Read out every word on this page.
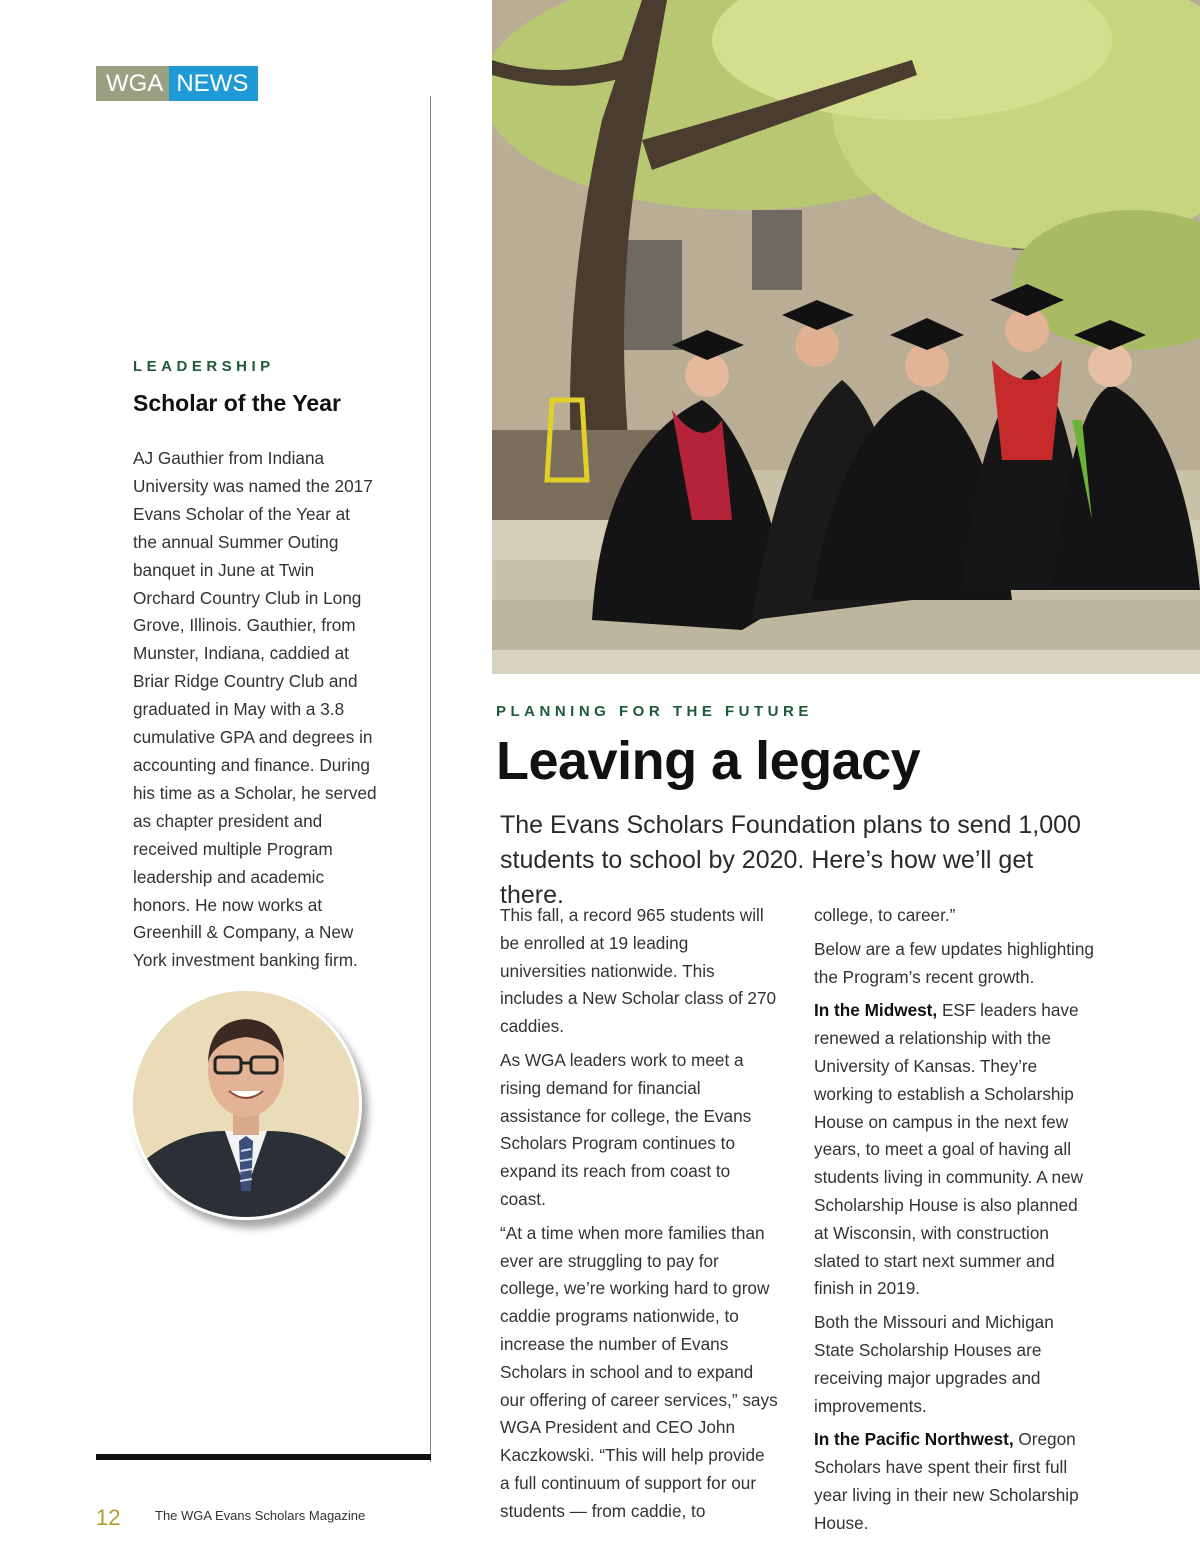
WGA NEWS
LEADERSHIP
Scholar of the Year
AJ Gauthier from Indiana University was named the 2017 Evans Scholar of the Year at the annual Summer Outing banquet in June at Twin Orchard Country Club in Long Grove, Illinois. Gauthier, from Munster, Indiana, caddied at Briar Ridge Country Club and graduated in May with a 3.8 cumulative GPA and degrees in accounting and finance. During his time as a Scholar, he served as chapter president and received multiple Program leadership and academic honors. He now works at Greenhill & Company, a New York investment banking firm.
PLANNING FOR THE FUTURE
Leaving a legacy
The Evans Scholars Foundation plans to send 1,000 students to school by 2020. Here’s how we’ll get there.

This fall, a record 965 students will be enrolled at 19 leading universities nationwide. This includes a New Scholar class of 270 caddies.

As WGA leaders work to meet a rising demand for financial assistance for college, the Evans Scholars Program continues to expand its reach from coast to coast.

“At a time when more families than ever are struggling to pay for college, we’re working hard to grow caddie programs nationwide, to increase the number of Evans Scholars in school and to expand our offering of career services,” says WGA President and CEO John Kaczkowski. “This will help provide a full continuum of support for our students — from caddie, to

college, to career.”

Below are a few updates highlighting the Program’s recent growth.

In the Midwest, ESF leaders have renewed a relationship with the University of Kansas. They’re working to establish a Scholarship House on campus in the next few years, to meet a goal of having all students living in community. A new Scholarship House is also planned at Wisconsin, with construction slated to start next summer and finish in 2019.

Both the Missouri and Michigan State Scholarship Houses are receiving major upgrades and improvements.

In the Pacific Northwest, Oregon Scholars have spent their first full year living in their new Scholarship House.

12	The WGA Evans Scholars Magazine
